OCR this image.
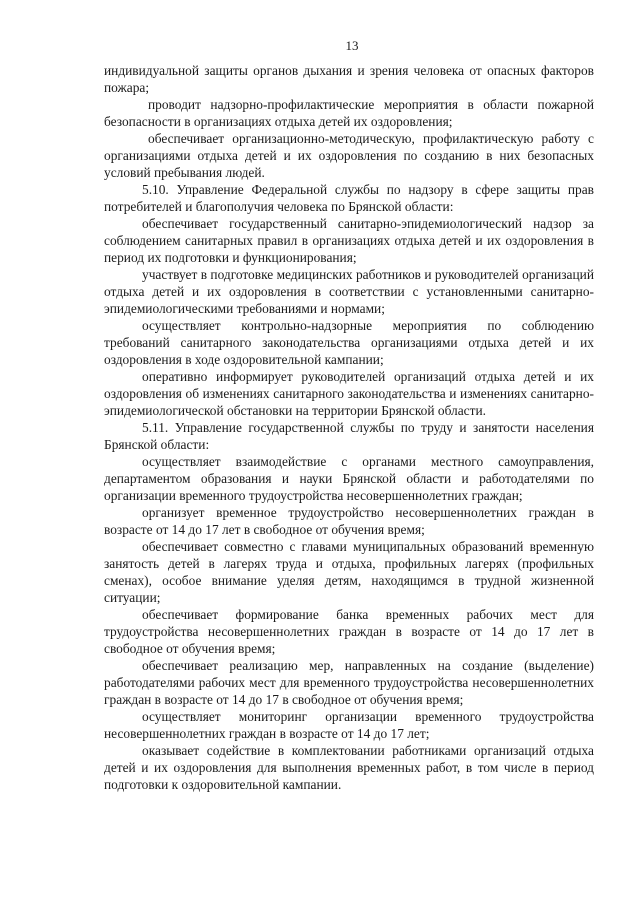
13

индивидуальной защиты органов дыхания и зрения человека от опасных факторов пожара;

проводит надзорно-профилактические мероприятия в области пожарной безопасности в организациях отдыха детей их оздоровления;

обеспечивает организационно-методическую, профилактическую работу с организациями отдыха детей и их оздоровления по созданию в них безопасных условий пребывания людей.

5.10. Управление Федеральной службы по надзору в сфере защиты прав потребителей и благополучия человека по Брянской области:

обеспечивает государственный санитарно-эпидемиологический надзор за соблюдением санитарных правил в организациях отдыха детей и их оздоровления в период их подготовки и функционирования;

участвует в подготовке медицинских работников и руководителей организаций отдыха детей и их оздоровления в соответствии с установленными санитарно-эпидемиологическими требованиями и нормами;

осуществляет контрольно-надзорные мероприятия по соблюдению требований санитарного законодательства организациями отдыха детей и их оздоровления в ходе оздоровительной кампании;

оперативно информирует руководителей организаций отдыха детей и их оздоровления об изменениях санитарного законодательства и изменениях санитарно-эпидемиологической обстановки на территории Брянской области.

5.11. Управление государственной службы по труду и занятости населения Брянской области:

осуществляет взаимодействие с органами местного самоуправления, департаментом образования и науки Брянской области и работодателями по организации временного трудоустройства несовершеннолетних граждан;

организует временное трудоустройство несовершеннолетних граждан в возрасте от 14 до 17 лет в свободное от обучения время;

обеспечивает совместно с главами муниципальных образований временную занятость детей в лагерях труда и отдыха, профильных лагерях (профильных сменах), особое внимание уделяя детям, находящимся в трудной жизненной ситуации;

обеспечивает формирование банка временных рабочих мест для трудоустройства несовершеннолетних граждан в возрасте от 14 до 17 лет в свободное от обучения время;

обеспечивает реализацию мер, направленных на создание (выделение) работодателями рабочих мест для временного трудоустройства несовершеннолетних граждан в возрасте от 14 до 17 в свободное от обучения время;

осуществляет мониторинг организации временного трудоустройства несовершеннолетних граждан в возрасте от 14 до 17 лет;

оказывает содействие в комплектовании работниками организаций отдыха детей и их оздоровления для выполнения временных работ, в том числе в период подготовки к оздоровительной кампании.
